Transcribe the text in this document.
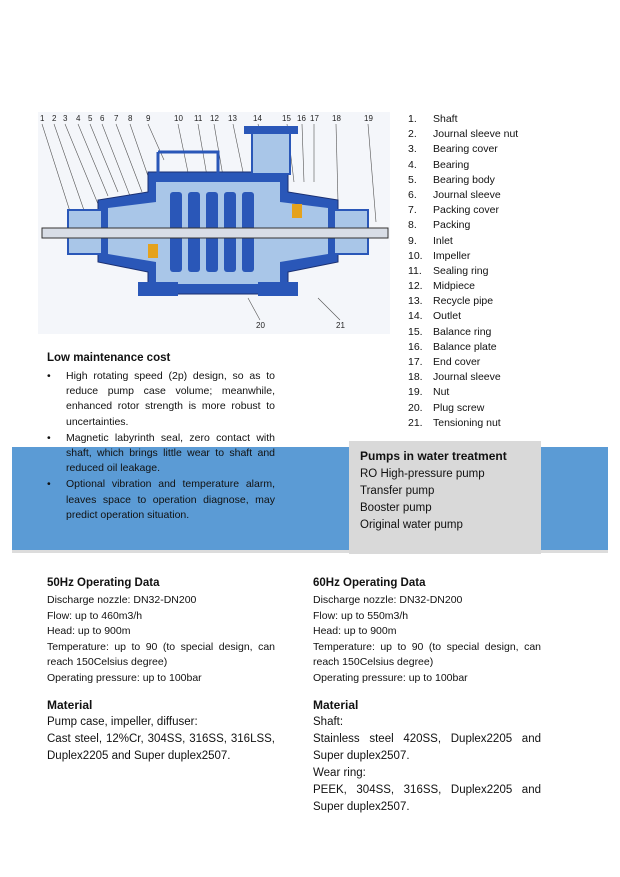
1 2 3 4 5 6 7 8 9	10 11 12 13 14	15 16 17 18	19
20	21
1. Shaft
2. Journal sleeve nut
3. Bearing cover
4. Bearing
5. Bearing body
6. Journal sleeve
7. Packing cover
8. Packing
9. Inlet
10. Impeller
11. Sealing ring
12. Midpiece
13. Recycle pipe
14. Outlet
15. Balance ring
16. Balance plate
17. End cover
18. Journal sleeve
19. Nut
20. Plug screw
21. Tensioning nut
Low maintenance cost
• High rotating speed (2p) design, so as to reduce pump case volume; meanwhile, enhanced rotor strength is more robust to uncertainties.
• Magnetic labyrinth seal, zero contact with shaft, which brings little wear to shaft and reduced oil leakage.
• Optional vibration and temperature alarm, leaves space to operation diagnose, may predict operation situation.
Pumps in water treatment
RO High-pressure pump
Transfer pump
Booster pump
Original water pump
50Hz Operating Data
Discharge nozzle: DN32-DN200
Flow: up to 460m3/h
Head: up to 900m
Temperature: up to 90 (to special design, can reach 150Celsius degree)
Operating pressure: up to 100bar
60Hz Operating Data
Discharge nozzle: DN32-DN200
Flow: up to 550m3/h
Head: up to 900m
Temperature: up to 90 (to special design, can reach 150Celsius degree)
Operating pressure: up to 100bar
Material
Pump case, impeller, diffuser:
Cast steel, 12%Cr, 304SS, 316SS, 316LSS, Duplex2205 and Super duplex2507.
Material
Shaft:
Stainless steel 420SS, Duplex2205 and Super duplex2507.
Wear ring:
PEEK, 304SS, 316SS, Duplex2205 and Super duplex2507.
